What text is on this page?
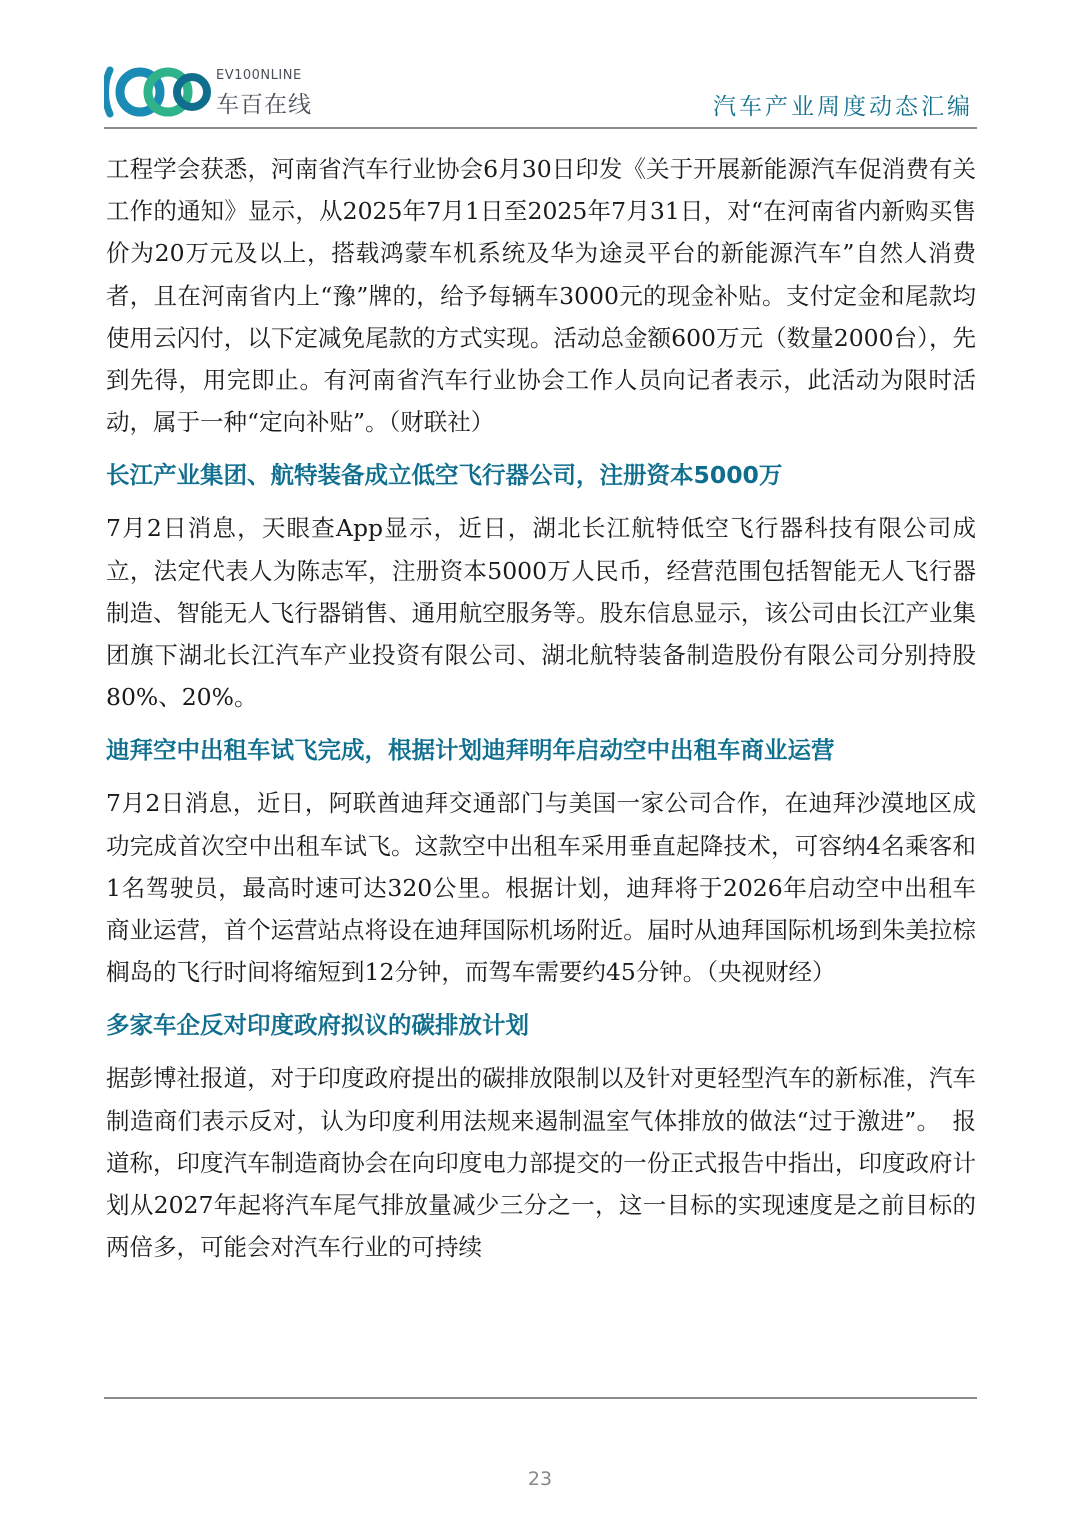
EV100NLINE
车百在线	汽车产业周度动态汇编

工程学会获悉，河南省汽车行业协会6月30日印发《关于开展新能源汽车促消费有关工作的通知》显示，从2025年7月1日至2025年7月31日，对“在河南省内新购买售价为20万元及以上，搭载鸿蒙车机系统及华为途灵平台的新能源汽车”自然人消费者，且在河南省内上“豫”牌的，给予每辆车3000元的现金补贴。支付定金和尾款均使用云闪付，以下定减免尾款的方式实现。活动总金额600万元（数量2000台），先到先得，用完即止。有河南省汽车行业协会工作人员向记者表示，此活动为限时活动，属于一种“定向补贴”。（财联社）

长江产业集团、航特装备成立低空飞行器公司，注册资本5000万

7月2日消息，天眼查App显示，近日，湖北长江航特低空飞行器科技有限公司成立，法定代表人为陈志军，注册资本5000万人民币，经营范围包括智能无人飞行器制造、智能无人飞行器销售、通用航空服务等。股东信息显示，该公司由长江产业集团旗下湖北长江汽车产业投资有限公司、湖北航特装备制造股份有限公司分别持股80%、20%。

迪拜空中出租车试飞完成，根据计划迪拜明年启动空中出租车商业运营

7月2日消息，近日，阿联酋迪拜交通部门与美国一家公司合作，在迪拜沙漠地区成功完成首次空中出租车试飞。这款空中出租车采用垂直起降技术，可容纳4名乘客和1名驾驶员，最高时速可达320公里。根据计划，迪拜将于2026年启动空中出租车商业运营，首个运营站点将设在迪拜国际机场附近。届时从迪拜国际机场到朱美拉棕榈岛的飞行时间将缩短到12分钟，而驾车需要约45分钟。（央视财经）

多家车企反对印度政府拟议的碳排放计划

据彭博社报道，对于印度政府提出的碳排放限制以及针对更轻型汽车的新标准，汽车制造商们表示反对，认为印度利用法规来遏制温室气体排放的做法“过于激进”。　报道称，印度汽车制造商协会在向印度电力部提交的一份正式报告中指出，印度政府计划从2027年起将汽车尾气排放量减少三分之一，这一目标的实现速度是之前目标的两倍多，可能会对汽车行业的可持续

23
